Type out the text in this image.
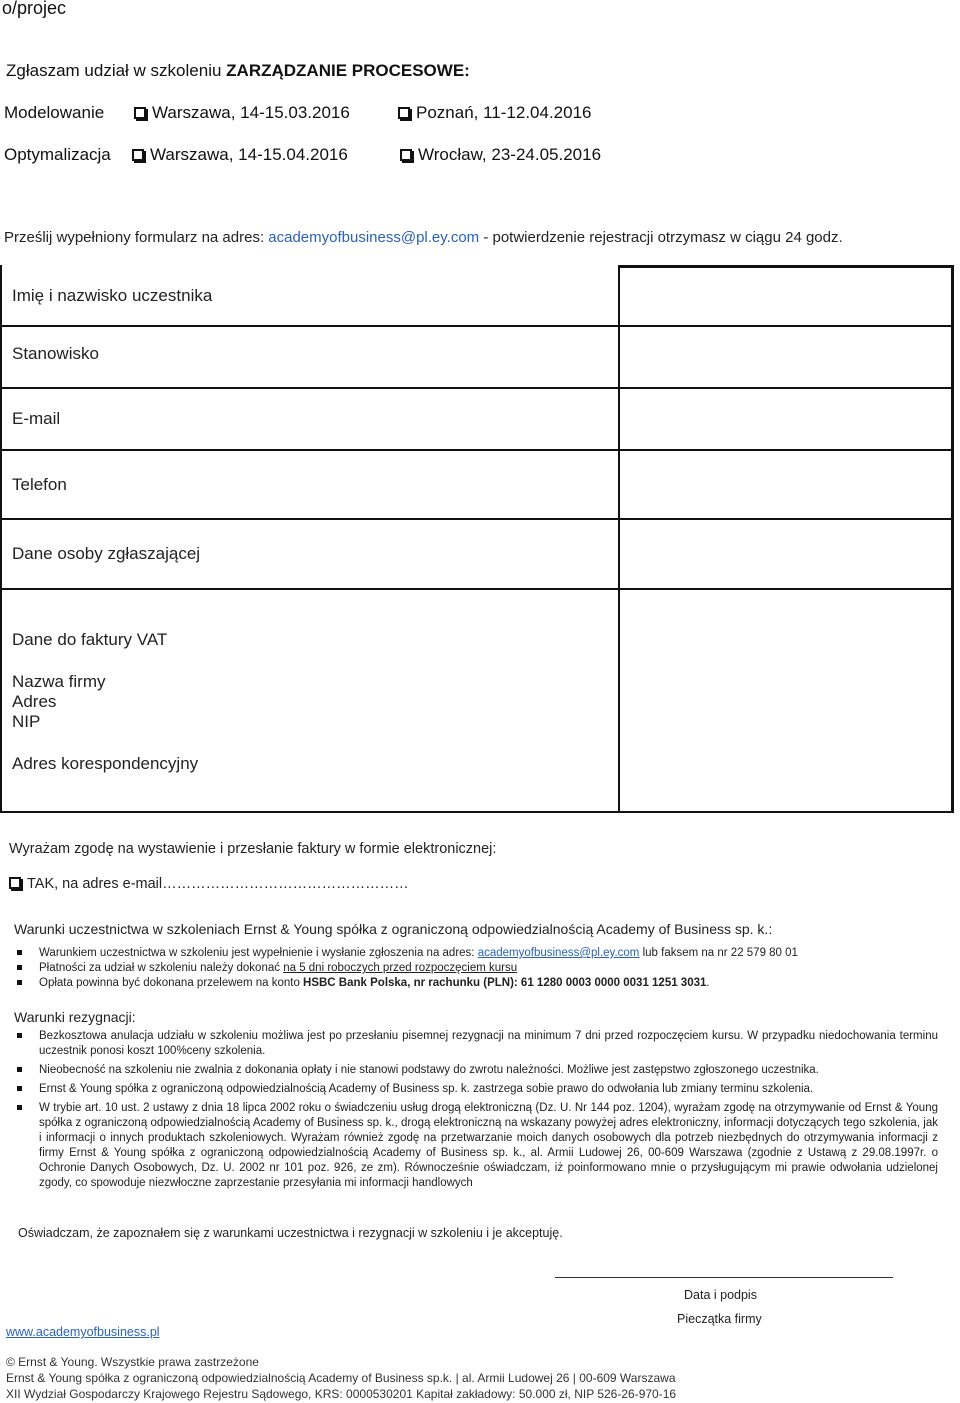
o/projec
Zgłaszam udział w szkoleniu ZARZĄDZANIE PROCESOWE:
Modelowanie	Warszawa, 14-15.03.2016	Poznań, 11-12.04.2016
Optymalizacja	Warszawa, 14-15.04.2016	Wrocław, 23-24.05.2016
Prześlij wypełniony formularz na adres: academyofbusiness@pl.ey.com - potwierdzenie rejestracji otrzymasz w ciągu 24 godz.
Imię i nazwisko uczestnika
Stanowisko
E-mail
Telefon
Dane osoby zgłaszającej
Dane do faktury VAT
Nazwa firmy
Adres
NIP
Adres korespondencyjny
Wyrażam zgodę na wystawienie i przesłanie faktury w formie elektronicznej:
TAK, na adres e-mail……………………………………………
Warunki uczestnictwa w szkoleniach Ernst & Young spółka z ograniczoną odpowiedzialnością Academy of Business sp. k.:
Warunkiem uczestnictwa w szkoleniu jest wypełnienie i wysłanie zgłoszenia na adres: academyofbusiness@pl.ey.com lub faksem na nr 22 579 80 01
Płatności za udział w szkoleniu należy dokonać na 5 dni roboczych przed rozpoczęciem kursu
Opłata powinna być dokonana przelewem na konto HSBC Bank Polska, nr rachunku (PLN): 61 1280 0003 0000 0031 1251 3031.
Warunki rezygnacji:
Bezkosztowa anulacja udziału w szkoleniu możliwa jest po przesłaniu pisemnej rezygnacji na minimum 7 dni przed rozpoczęciem kursu. W przypadku niedochowania terminu uczestnik ponosi koszt 100%ceny szkolenia.
Nieobecność na szkoleniu nie zwalnia z dokonania opłaty i nie stanowi podstawy do zwrotu należności. Możliwe jest zastępstwo zgłoszonego uczestnika.
Ernst & Young spółka z ograniczoną odpowiedzialnością Academy of Business sp. k. zastrzega sobie prawo do odwołania lub zmiany terminu szkolenia.
W trybie art. 10 ust. 2 ustawy z dnia 18 lipca 2002 roku o świadczeniu usług drogą elektroniczną (Dz. U. Nr 144 poz. 1204), wyrażam zgodę na otrzymywanie od Ernst & Young spółka z ograniczoną odpowiedzialnością Academy of Business sp. k., drogą elektroniczną na wskazany powyżej adres elektroniczny, informacji dotyczących tego szkolenia, jak i informacji o innych produktach szkoleniowych. Wyrażam również zgodę na przetwarzanie moich danych osobowych dla potrzeb niezbędnych do otrzymywania informacji z firmy Ernst & Young spółka z ograniczoną odpowiedzialnością Academy of Business sp. k., al. Armii Ludowej 26, 00-609 Warszawa (zgodnie z Ustawą z 29.08.1997r. o Ochronie Danych Osobowych, Dz. U. 2002 nr 101 poz. 926, ze zm). Równocześnie oświadczam, iż poinformowano mnie o przysługującym mi prawie odwołania udzielonej zgody, co spowoduje niezwłoczne zaprzestanie przesyłania mi informacji handlowych
Oświadczam, że zapoznałem się z warunkami uczestnictwa i rezygnacji w szkoleniu i je akceptuję.
Data i podpis
Pieczątka firmy
www.academyofbusiness.pl
© Ernst & Young. Wszystkie prawa zastrzeżone
Ernst & Young spółka z ograniczoną odpowiedzialnością Academy of Business sp.k. | al. Armii Ludowej 26 | 00-609 Warszawa
XII Wydział Gospodarczy Krajowego Rejestru Sądowego, KRS: 0000530201 Kapitał zakładowy: 50.000 zł, NIP 526-26-970-16
